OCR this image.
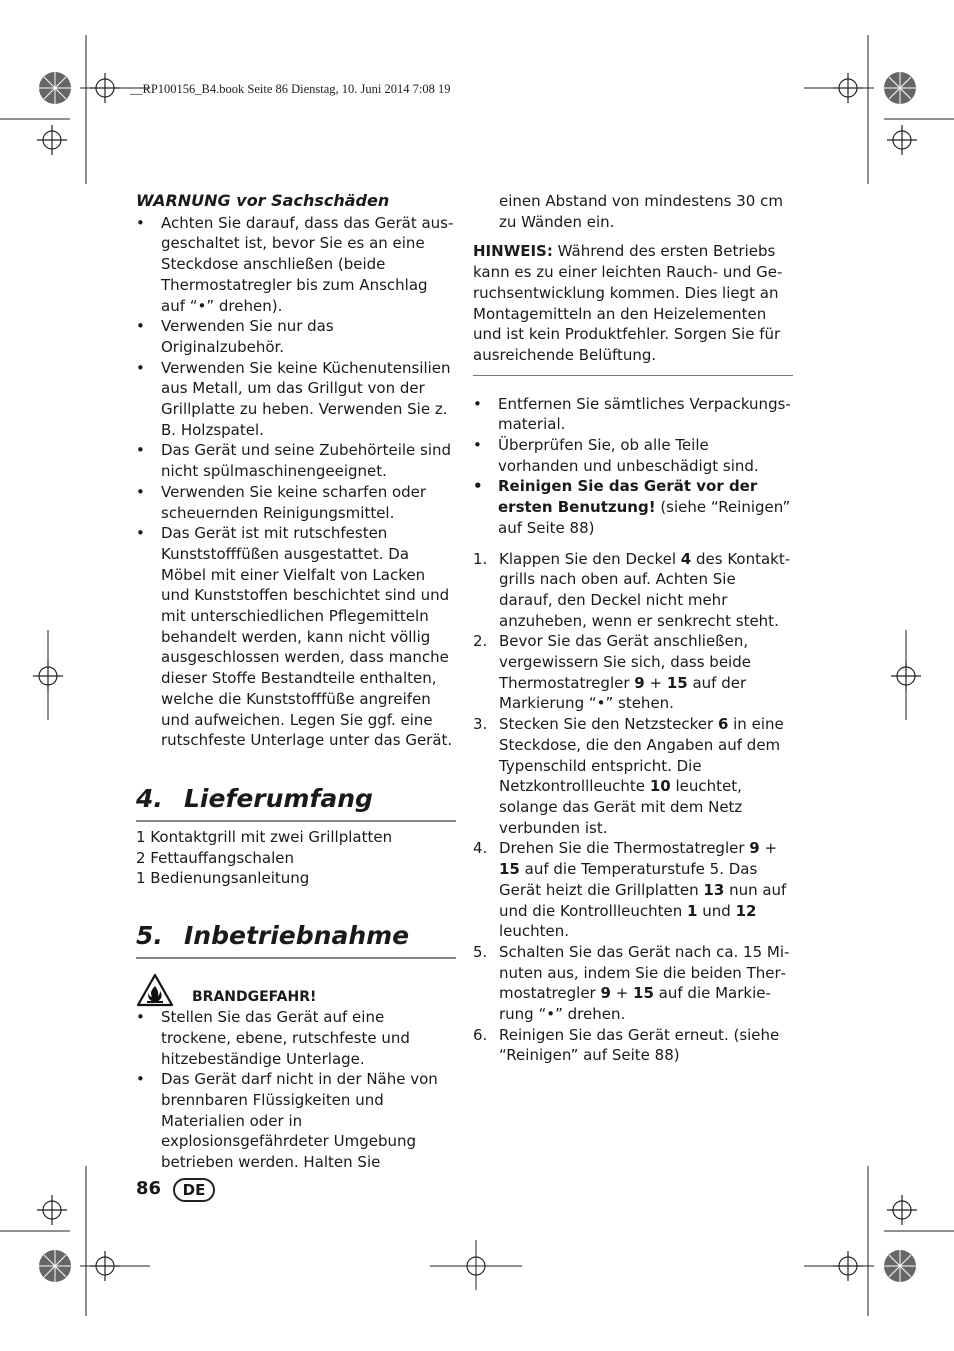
__RP100156_B4.book Seite 86 Dienstag, 10. Juni 2014 7:08 19
WARNUNG vor Sachschäden
• Achten Sie darauf, dass das Gerät ausgeschaltet ist, bevor Sie es an eine Steckdose anschließen (beide Thermostatregler bis zum Anschlag auf “•” drehen).
• Verwenden Sie nur das Originalzubehör.
• Verwenden Sie keine Küchenutensilien aus Metall, um das Grillgut von der Grillplatte zu heben. Verwenden Sie z. B. Holzspatel.
• Das Gerät und seine Zubehörteile sind nicht spülmaschinengeeignet.
• Verwenden Sie keine scharfen oder scheuernden Reinigungsmittel.
• Das Gerät ist mit rutschfesten Kunststofffüßen ausgestattet. Da Möbel mit einer Vielfalt von Lacken und Kunststoffen beschichtet sind und mit unterschiedlichen Pflegemitteln behandelt werden, kann nicht völlig ausgeschlossen werden, dass manche dieser Stoffe Bestandteile enthalten, welche die Kunststofffüße angreifen und aufweichen. Legen Sie ggf. eine rutschfeste Unterlage unter das Gerät.
4. Lieferumfang

1 Kontaktgrill mit zwei Grillplatten

2 Fettauffangschalen

1 Bedienungsanleitung

5. Inbetriebnahme
BRANDGEFAHR!
• Stellen Sie das Gerät auf eine trockene, ebene, rutschfeste und hitzebeständige Unterlage.
• Das Gerät darf nicht in der Nähe von brennbaren Flüssigkeiten und Materialien oder in explosionsgefährdeter Umgebung betrieben werden. Halten Sie

einen Abstand von mindestens 30 cm zu Wänden ein.

HINWEIS: Während des ersten Betriebs kann es zu einer leichten Rauch- und Geruchsentwicklung kommen. Dies liegt an Montagemitteln an den Heizelementen und ist kein Produktfehler. Sorgen Sie für ausreichende Belüftung.
• Entfernen Sie sämtliches Verpackungsmaterial.
• Überprüfen Sie, ob alle Teile vorhanden und unbeschädigt sind.
• Reinigen Sie das Gerät vor der ersten Benutzung! (siehe “Reinigen” auf Seite 88)
1. Klappen Sie den Deckel 4 des Kontaktgrills nach oben auf. Achten Sie darauf, den Deckel nicht mehr anzuheben, wenn er senkrecht steht.
2. Bevor Sie das Gerät anschließen, vergewissern Sie sich, dass beide Thermostatregler 9 + 15 auf der Markierung “•” stehen.
3. Stecken Sie den Netzstecker 6 in eine Steckdose, die den Angaben auf dem Typenschild entspricht. Die Netzkontrollleuchte 10 leuchtet, solange das Gerät mit dem Netz verbunden ist.
4. Drehen Sie die Thermostatregler 9 + 15 auf die Temperaturstufe 5. Das Gerät heizt die Grillplatten 13 nun auf und die Kontrollleuchten 1 und 12 leuchten.
5. Schalten Sie das Gerät nach ca. 15 Minuten aus, indem Sie die beiden Thermostatregler 9 + 15 auf die Markierung “•” drehen.
6. Reinigen Sie das Gerät erneut. (siehe “Reinigen” auf Seite 88)
86	DE
